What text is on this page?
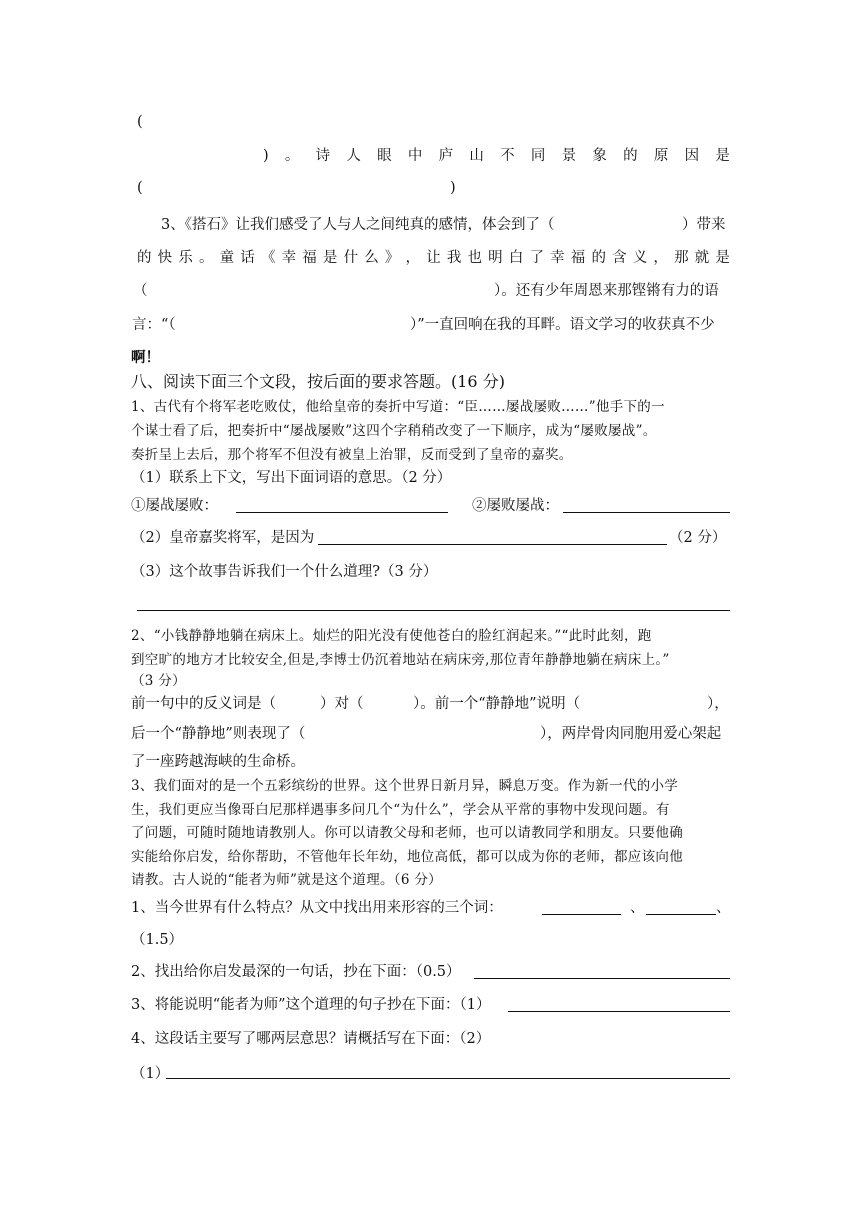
(
) 。 诗 人 眼 中 庐 山 不 同 景 象 的 原 因 是
(	)
3、《搭石》让我们感受了人与人之间纯真的感情，体会到了（	）带来
的 快 乐 。 童 话 《 幸 福 是 什 么 》 ， 让 我 也 明 白 了 幸 福 的 含 义 ， 那 就 是
（	）。还有少年周恩来那铿锵有力的语
言：“（	）”一直回响在我的耳畔。语文学习的收获真不少
啊！
八、阅读下面三个文段，按后面的要求答题。(16 分)
1、古代有个将军老吃败仗，他给皇帝的奏折中写道：“臣……屡战屡败……”他手下的一
个谋士看了后，把奏折中“屡战屡败”这四个字稍稍改变了一下顺序，成为“屡败屡战”。
奏折呈上去后，那个将军不但没有被皇上治罪，反而受到了皇帝的嘉奖。
（1）联系上下文，写出下面词语的意思。（2 分）
①屡战屡败：	②屡败屡战：
（2）皇帝嘉奖将军，是因为	（2 分）
（3）这个故事告诉我们一个什么道理?（3 分）
2、“小钱静静地躺在病床上。灿烂的阳光没有使他苍白的脸红润起来。”“此时此刻，跑
到空旷的地方才比较安全,但是,李博士仍沉着地站在病床旁,那位青年静静地躺在病床上。”
（3 分）
前一句中的反义词是（	）对（	）。前一个“静静地”说明（	），
后一个“静静地”则表现了（	），两岸骨肉同胞用爱心架起
了一座跨越海峡的生命桥。
3、我们面对的是一个五彩缤纷的世界。这个世界日新月异，瞬息万变。作为新一代的小学
生，我们更应当像哥白尼那样遇事多问几个“为什么”，学会从平常的事物中发现问题。有
了问题，可随时随地请教别人。你可以请教父母和老师，也可以请教同学和朋友。只要他确
实能给你启发，给你帮助，不管他年长年幼，地位高低，都可以成为你的老师，都应该向他
请教。古人说的“能者为师”就是这个道理。（6 分）
1、当今世界有什么特点？从文中找出用来形容的三个词：	、	、
（1.5）
2、找出给你启发最深的一句话，抄在下面：（0.5）
3、将能说明“能者为师”这个道理的句子抄在下面：（1）
4、这段话主要写了哪两层意思？请概括写在下面：（2）
（1）
